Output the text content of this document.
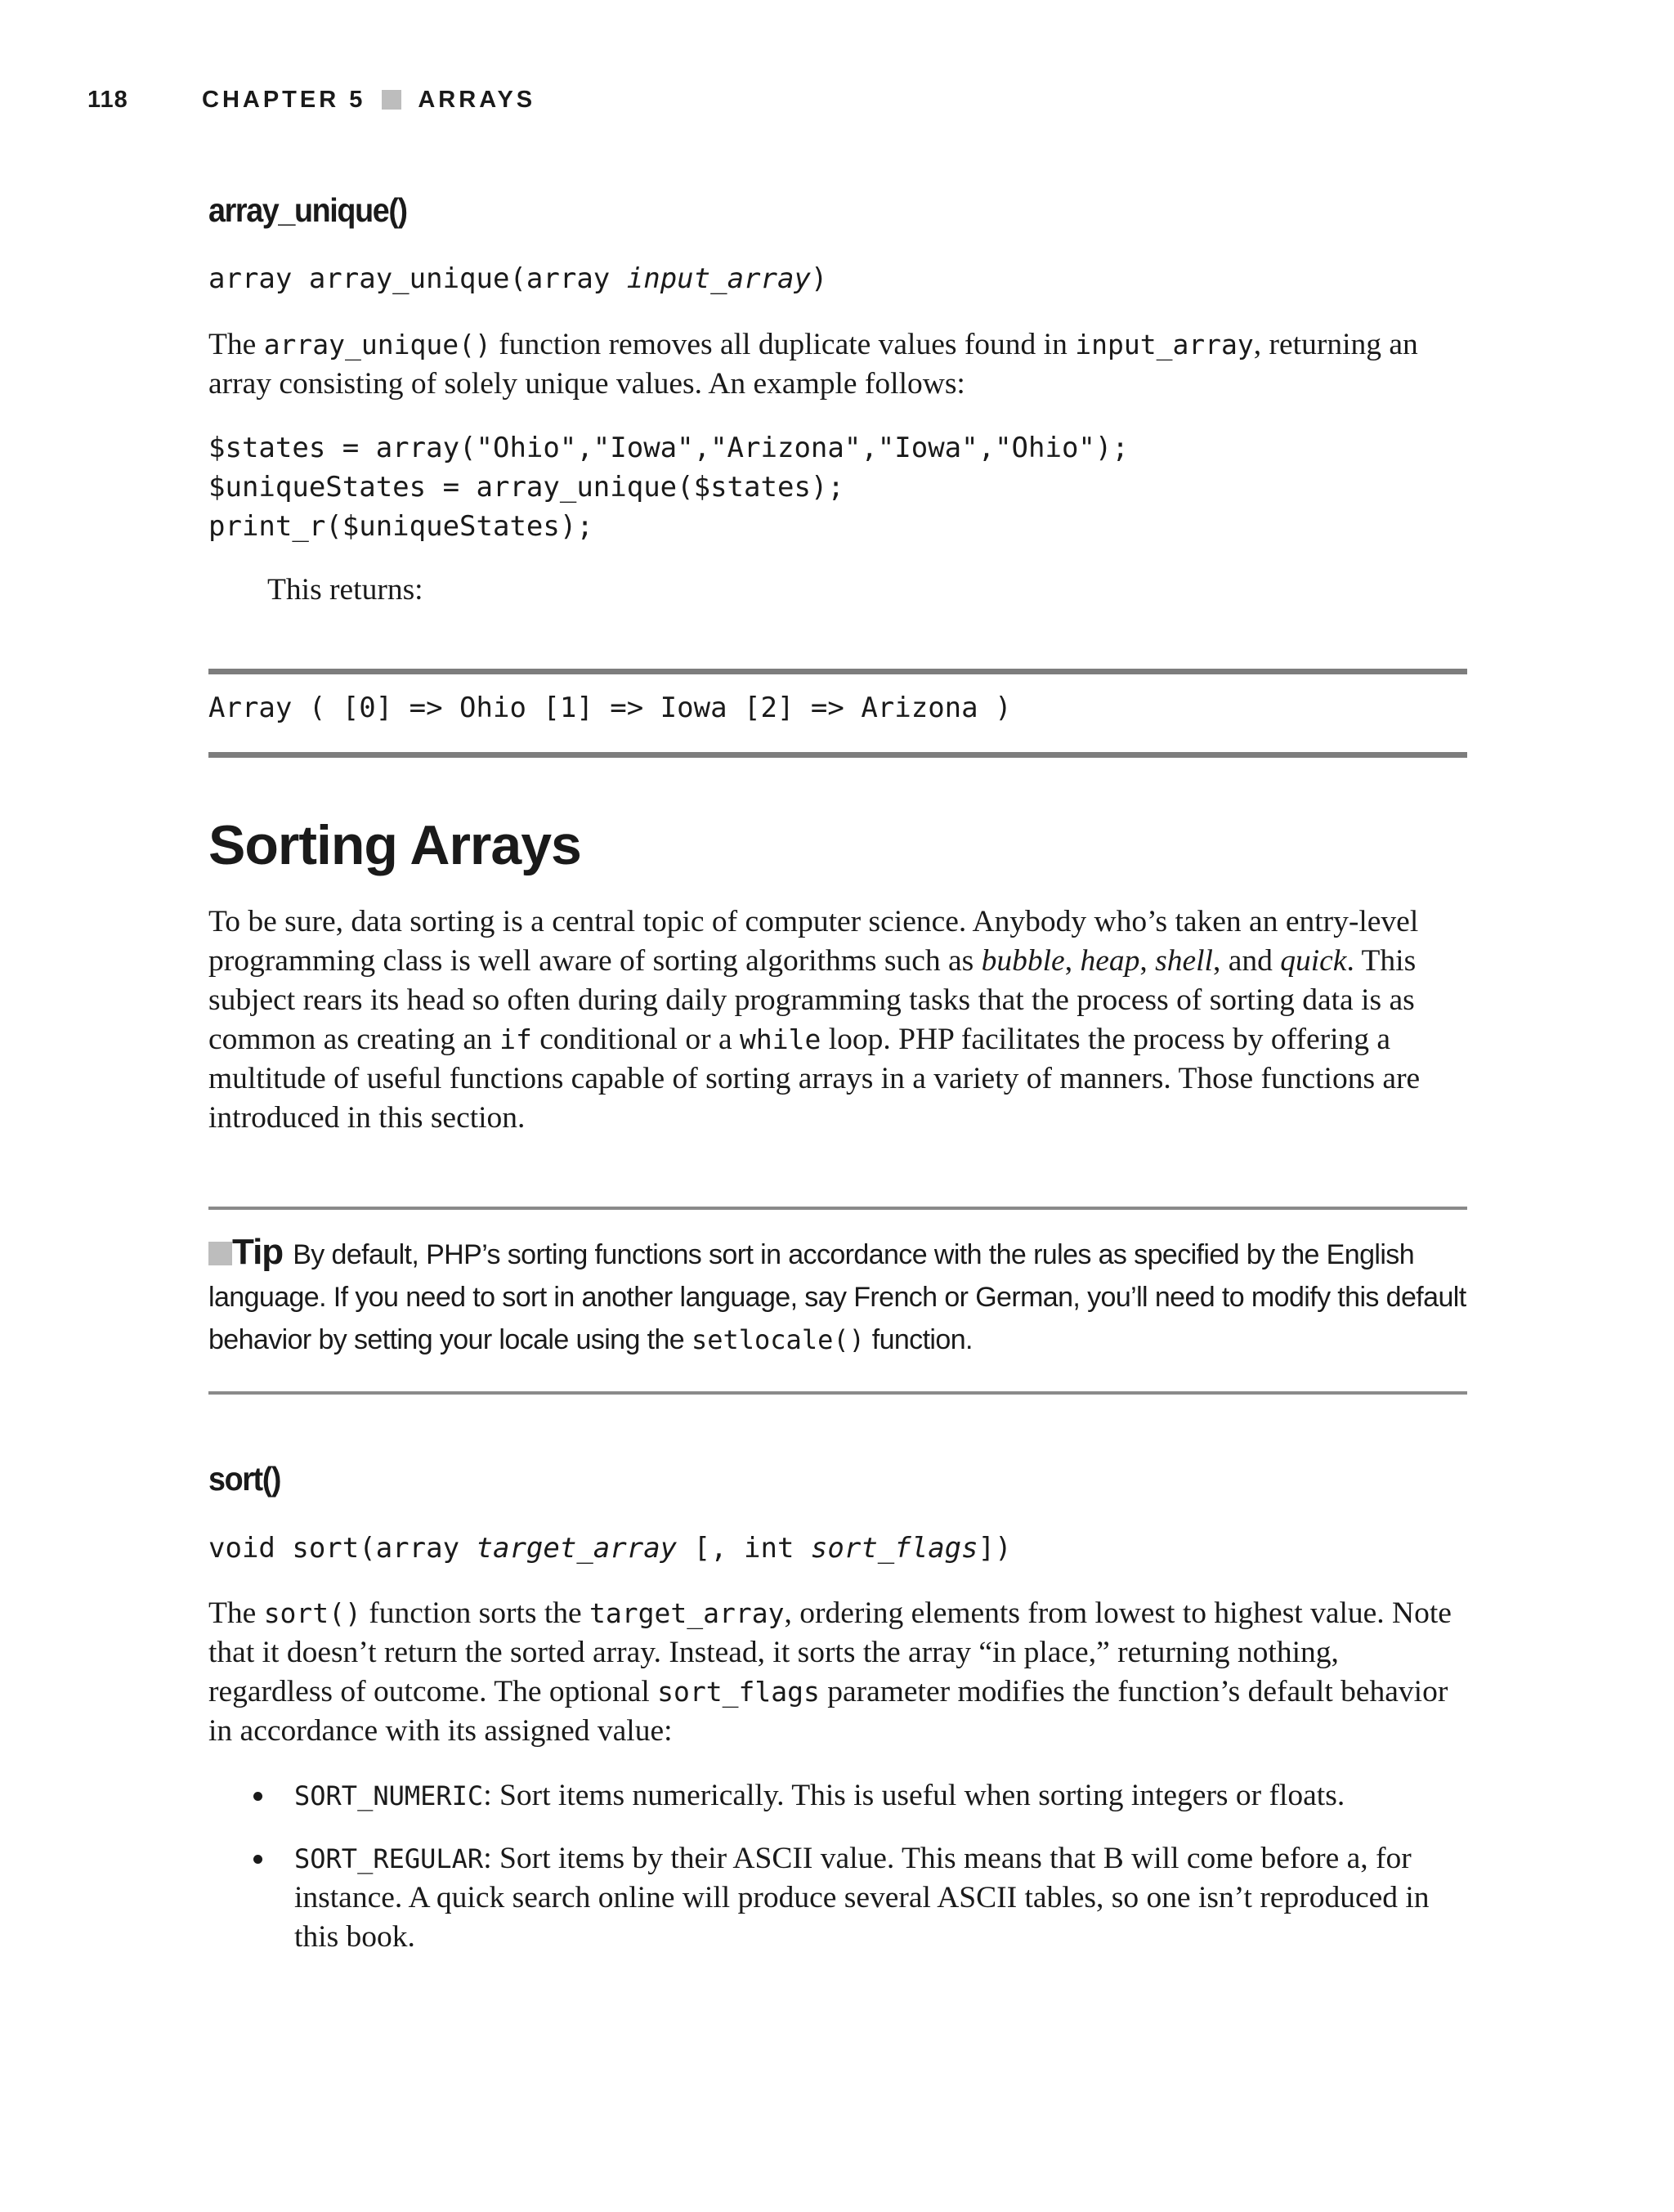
118	CHAPTER 5 ARRAYS
array_unique()
array array_unique(array input_array)

The array_unique() function removes all duplicate values found in input_array, returning an array consisting of solely unique values. An example follows:

$states = array("Ohio","Iowa","Arizona","Iowa","Ohio");
$uniqueStates = array_unique($states);
print_r($uniqueStates);

This returns:

Array ( [0] => Ohio [1] => Iowa [2] => Arizona )
Sorting Arrays

To be sure, data sorting is a central topic of computer science. Anybody who’s taken an entry-level programming class is well aware of sorting algorithms such as bubble, heap, shell, and quick. This subject rears its head so often during daily programming tasks that the process of sorting data is as common as creating an if conditional or a while loop. PHP facilitates the process by offering a multitude of useful functions capable of sorting arrays in a variety of manners. Those functions are introduced in this section.

Tip By default, PHP’s sorting functions sort in accordance with the rules as specified by the English language. If you need to sort in another language, say French or German, you’ll need to modify this default behavior by setting your locale using the setlocale() function.

sort()
void sort(array target_array [, int sort_flags])

The sort() function sorts the target_array, ordering elements from lowest to highest value. Note that it doesn’t return the sorted array. Instead, it sorts the array “in place,” returning nothing, regardless of outcome. The optional sort_flags parameter modifies the function’s default behavior in accordance with its assigned value:

SORT_NUMERIC: Sort items numerically. This is useful when sorting integers or floats.
SORT_REGULAR: Sort items by their ASCII value. This means that B will come before a, for instance. A quick search online will produce several ASCII tables, so one isn’t reproduced in this book.
